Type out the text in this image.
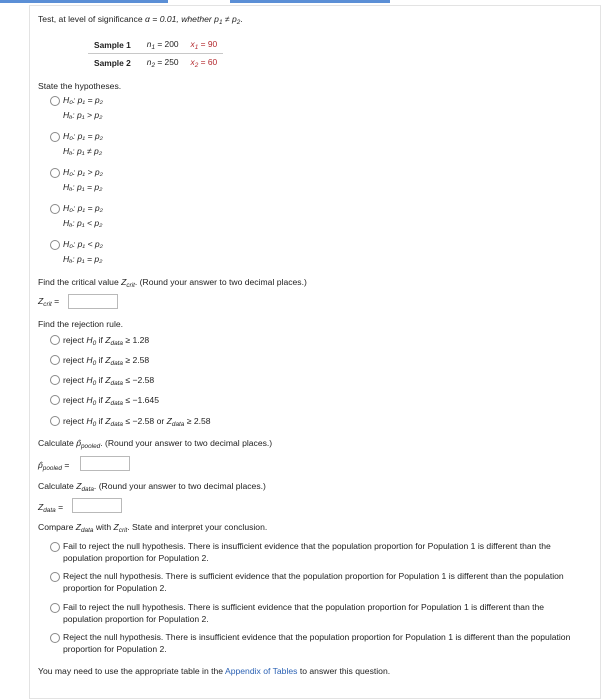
Test, at level of significance α = 0.01, whether $p_1 \ne p_2$.
Sample 1	$n_1 = 200$	$x_1 = 90$
Sample 2	$n_2 = 250$	$x_2 = 60$
State the hypotheses.
H₀: p₁ = p₂
Hₐ: p₁ > p₂
H₀: p₁ = p₂
Hₐ: p₁ ≠ p₂
H₀: p₁ > p₂
Hₐ: p₁ = p₂
H₀: p₁ = p₂
Hₐ: p₁ < p₂
H₀: p₁ < p₂
Hₐ: p₁ = p₂
Find the critical value $Z_{crit}$. (Round your answer to two decimal places.)
$Z_{crit}$ =
Find the rejection rule.
reject $H_0$ if $Z_{data} \ge 1.28$
reject $H_0$ if $Z_{data} \ge 2.58$
reject $H_0$ if $Z_{data} \le -2.58$
reject $H_0$ if $Z_{data} \le -1.645$
reject $H_0$ if $Z_{data} \le -2.58$ or $Z_{data} \ge 2.58$
Calculate $p̂_{pooled}$. (Round your answer to two decimal places.)
$p̂_{pooled}$ =
Calculate $Z_{data}$. (Round your answer to two decimal places.)
$Z_{data}$ =
Compare $Z_{data}$ with $Z_{crit}$. State and interpret your conclusion.
Fail to reject the null hypothesis. There is insufficient evidence that the population proportion for Population 1 is different than the population proportion for Population 2.
Reject the null hypothesis. There is sufficient evidence that the population proportion for Population 1 is different than the population proportion for Population 2.
Fail to reject the null hypothesis. There is sufficient evidence that the population proportion for Population 1 is different than the population proportion for Population 2.
Reject the null hypothesis. There is insufficient evidence that the population proportion for Population 1 is different than the population proportion for Population 2.
You may need to use the appropriate table in the Appendix of Tables to answer this question.
